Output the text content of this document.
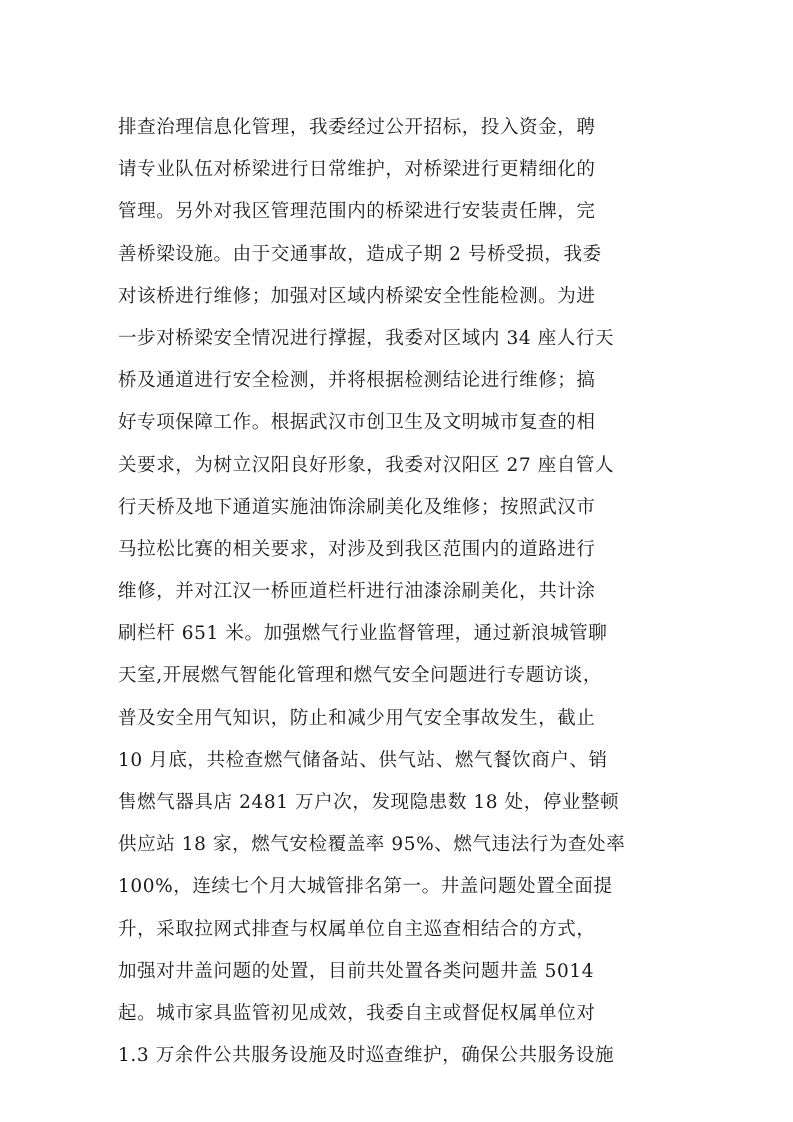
排查治理信息化管理，我委经过公开招标，投入资金，聘
请专业队伍对桥梁进行日常维护，对桥梁进行更精细化的
管理。另外对我区管理范围内的桥梁进行安装责任牌，完
善桥梁设施。由于交通事故，造成子期 2 号桥受损，我委
对该桥进行维修；加强对区域内桥梁安全性能检测。为进
一步对桥梁安全情况进行撑握，我委对区域内 34 座人行天
桥及通道进行安全检测，并将根据检测结论进行维修；搞
好专项保障工作。根据武汉市创卫生及文明城市复查的相
关要求，为树立汉阳良好形象，我委对汉阳区 27 座自管人
行天桥及地下通道实施油饰涂刷美化及维修；按照武汉市
马拉松比赛的相关要求，对涉及到我区范围内的道路进行
维修，并对江汉一桥匝道栏杆进行油漆涂刷美化，共计涂
刷栏杆 651 米。加强燃气行业监督管理，通过新浪城管聊
天室,开展燃气智能化管理和燃气安全问题进行专题访谈，
普及安全用气知识，防止和减少用气安全事故发生，截止
10 月底，共检查燃气储备站、供气站、燃气餐饮商户、销
售燃气器具店 2481 万户次，发现隐患数 18 处，停业整顿
供应站 18 家，燃气安检覆盖率 95%、燃气违法行为查处率
100%，连续七个月大城管排名第一。井盖问题处置全面提
升，采取拉网式排查与权属单位自主巡查相结合的方式，
加强对井盖问题的处置，目前共处置各类问题井盖 5014
起。城市家具监管初见成效，我委自主或督促权属单位对
1.3 万余件公共服务设施及时巡查维护，确保公共服务设施
